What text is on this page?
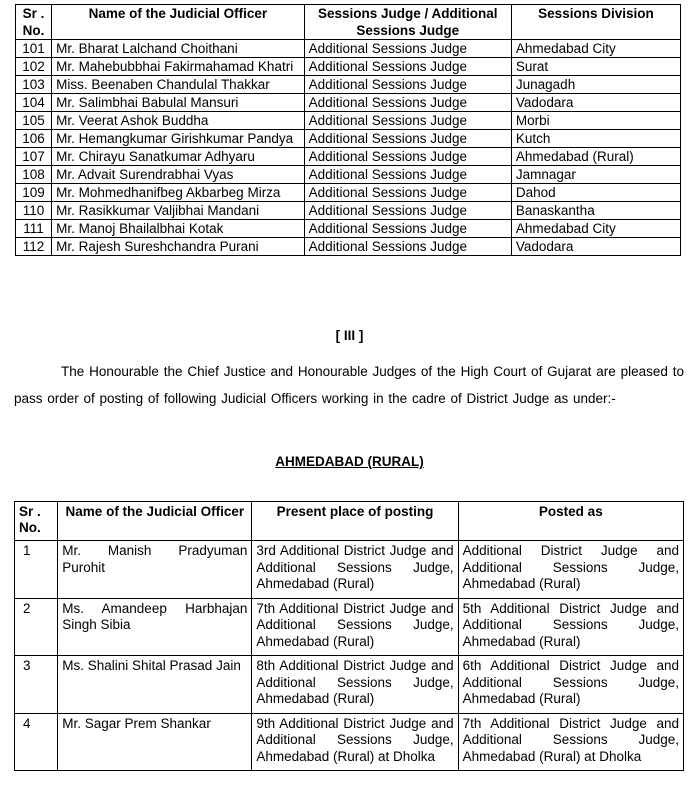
Sr . No.	Name of the Judicial Officer	Sessions Judge / Additional Sessions Judge	Sessions Division
101	Mr. Bharat Lalchand Choithani	Additional Sessions Judge	Ahmedabad City
102	Mr. Mahebubbhai Fakirmahamad Khatri	Additional Sessions Judge	Surat
103	Miss. Beenaben Chandulal Thakkar	Additional Sessions Judge	Junagadh
104	Mr. Salimbhai Babulal Mansuri	Additional Sessions Judge	Vadodara
105	Mr. Veerat Ashok Buddha	Additional Sessions Judge	Morbi
106	Mr. Hemangkumar Girishkumar Pandya	Additional Sessions Judge	Kutch
107	Mr. Chirayu Sanatkumar Adhyaru	Additional Sessions Judge	Ahmedabad (Rural)
108	Mr. Advait Surendrabhai Vyas	Additional Sessions Judge	Jamnagar
109	Mr. Mohmedhanifbeg Akbarbeg Mirza	Additional Sessions Judge	Dahod
110	Mr. Rasikkumar Valjibhai Mandani	Additional Sessions Judge	Banaskantha
111	Mr. Manoj Bhailalbhai Kotak	Additional Sessions Judge	Ahmedabad City
112	Mr. Rajesh Sureshchandra Purani	Additional Sessions Judge	Vadodara
[ III ]
The Honourable the Chief Justice and Honourable Judges of the High Court of Gujarat are pleased to pass order of posting of following Judicial Officers working in the cadre of District Judge as under:-
AHMEDABAD (RURAL)
Sr . No.	Name of the Judicial Officer	Present place of posting	Posted as
1	Mr. Manish Pradyuman Purohit	3rd Additional District Judge and Additional Sessions Judge, Ahmedabad (Rural)	Additional District Judge and Additional Sessions Judge, Ahmedabad (Rural)
2	Ms. Amandeep Harbhajan Singh Sibia	7th Additional District Judge and Additional Sessions Judge, Ahmedabad (Rural)	5th Additional District Judge and Additional Sessions Judge, Ahmedabad (Rural)
3	Ms. Shalini Shital Prasad Jain	8th Additional District Judge and Additional Sessions Judge, Ahmedabad (Rural)	6th Additional District Judge and Additional Sessions Judge, Ahmedabad (Rural)
4	Mr. Sagar Prem Shankar	9th Additional District Judge and Additional Sessions Judge, Ahmedabad (Rural) at Dholka	7th Additional District Judge and Additional Sessions Judge, Ahmedabad (Rural) at Dholka
